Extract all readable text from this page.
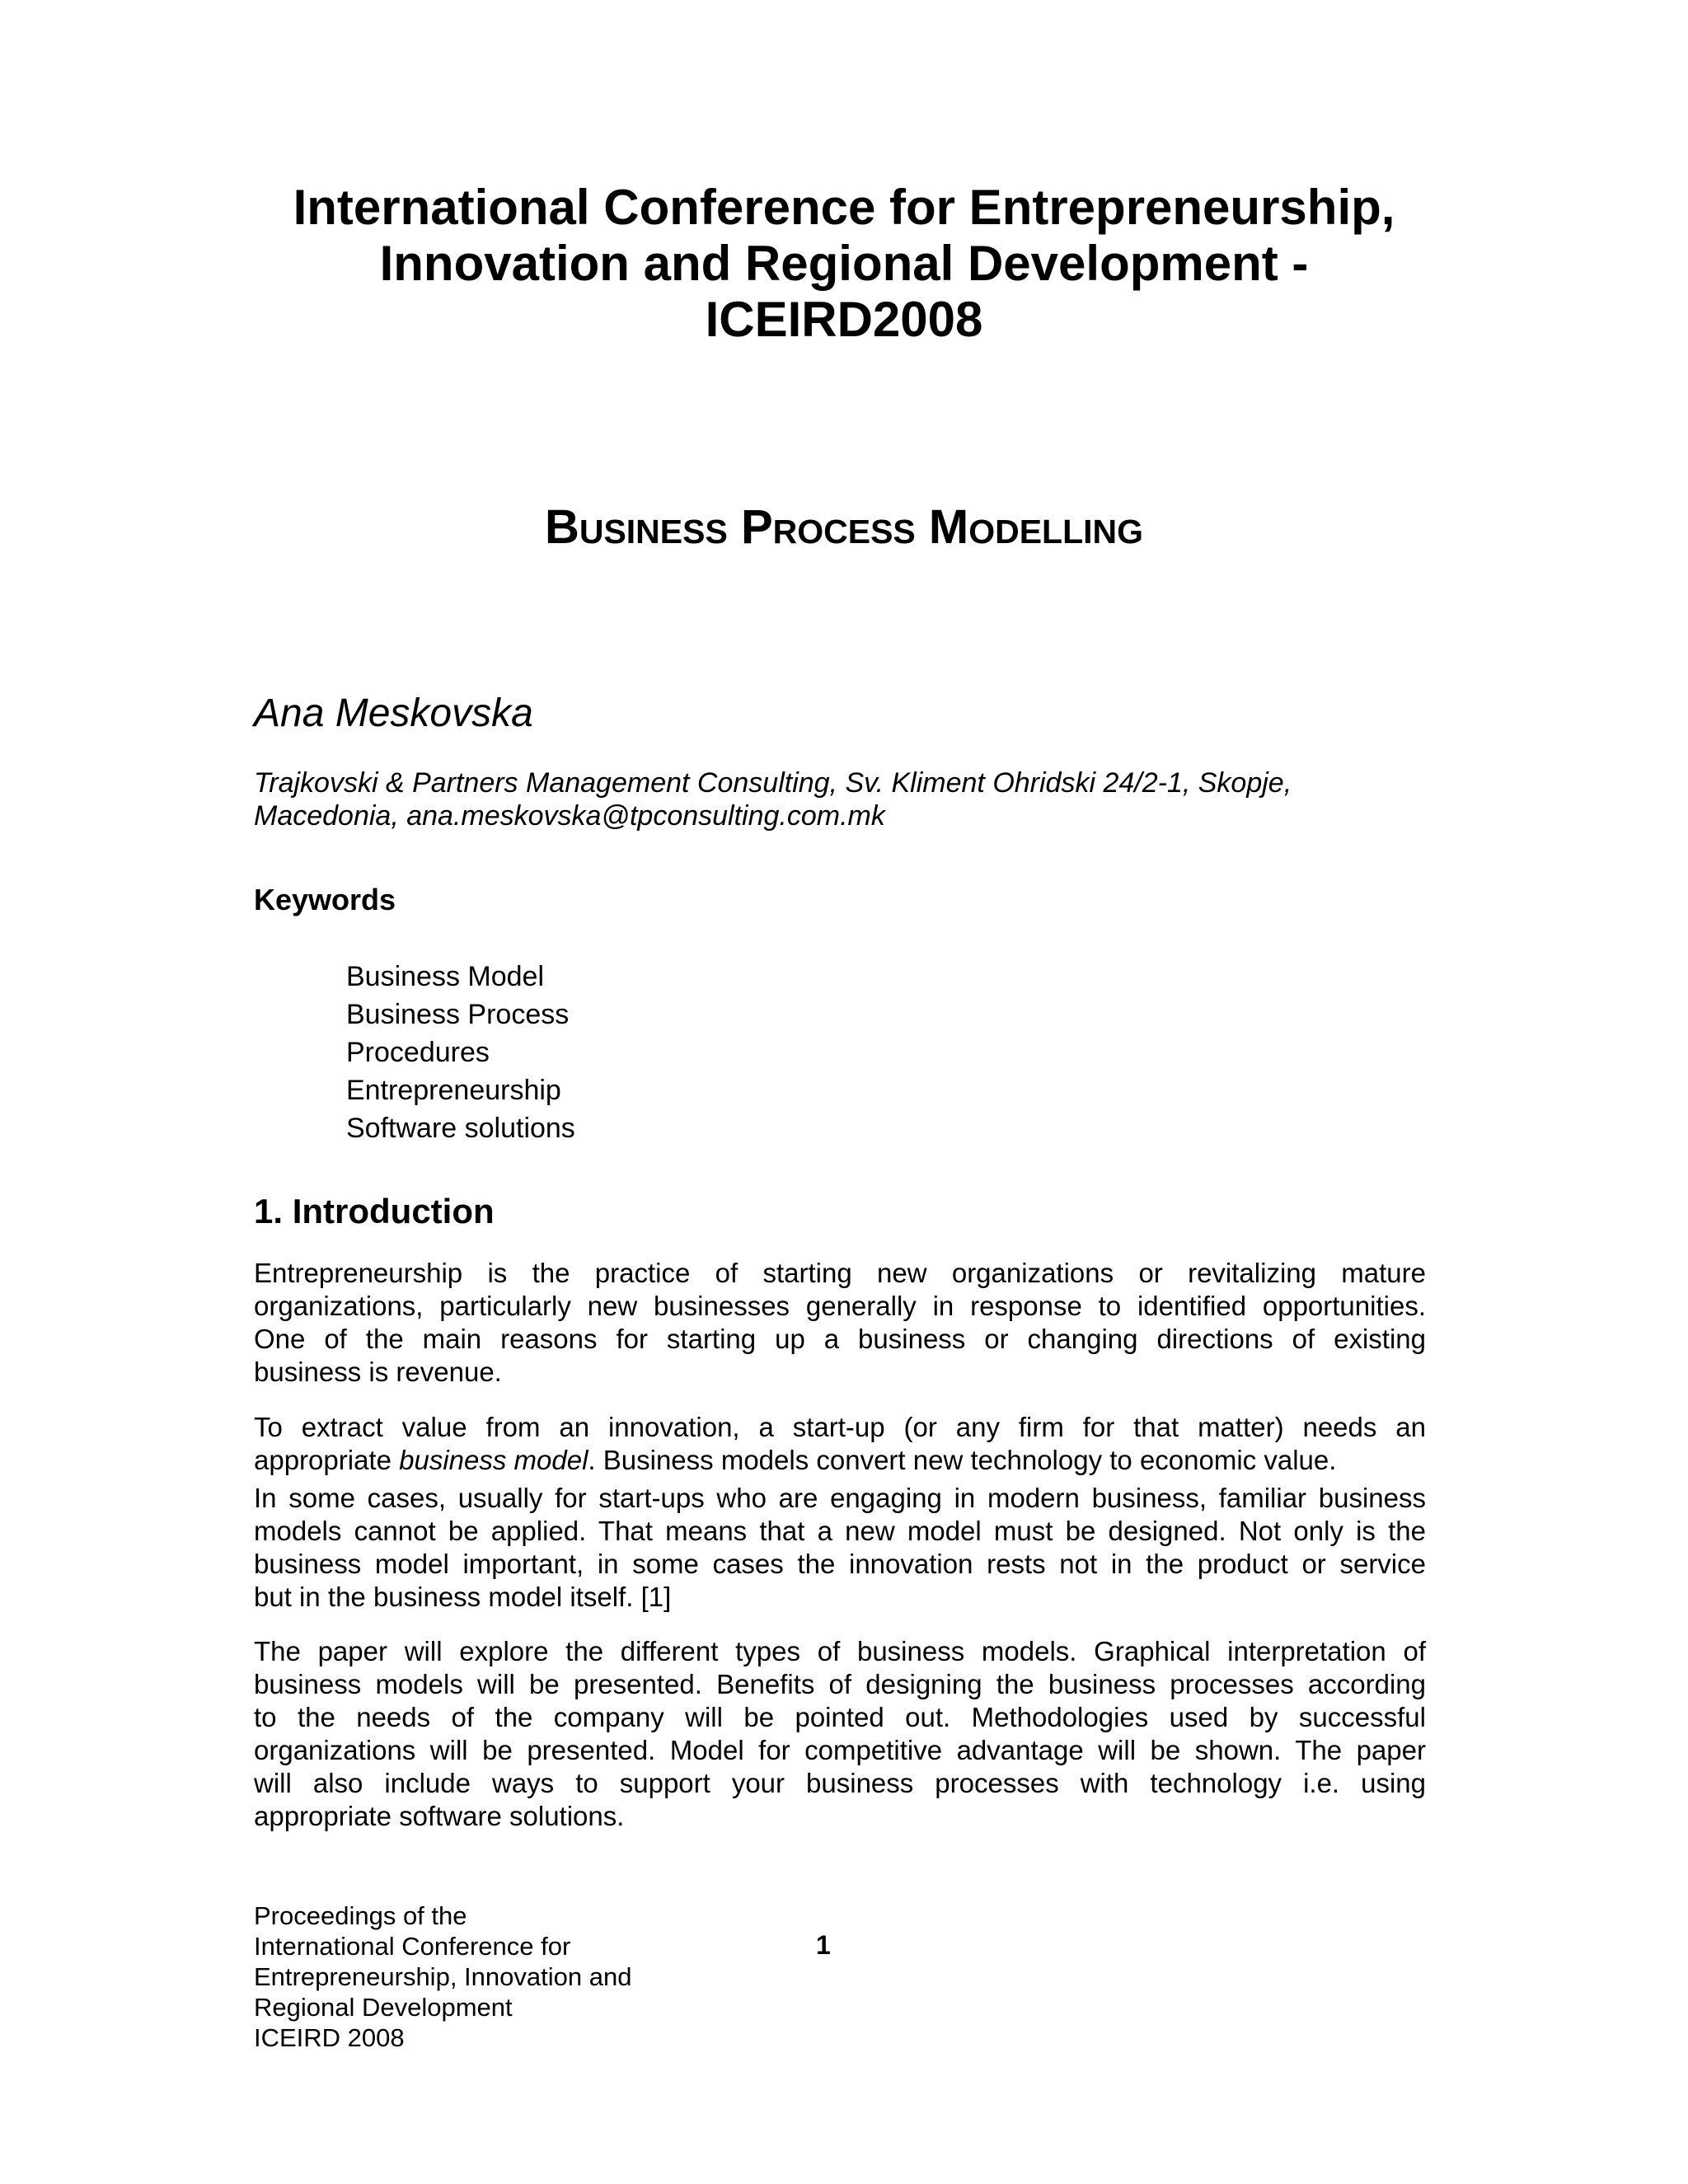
International Conference for Entrepreneurship,
Innovation and Regional Development -
ICEIRD2008
Business Process Modelling

Ana Meskovska

Trajkovski & Partners Management Consulting, Sv. Kliment Ohridski 24/2-1, Skopje,
Macedonia, ana.meskovska@tpconsulting.com.mk

Keywords
Business Model
Business Process
Procedures
Entrepreneurship
Software solutions
1. Introduction

Entrepreneurship is the practice of starting new organizations or revitalizing mature
organizations, particularly new businesses generally in response to identified opportunities.
One of the main reasons for starting up a business or changing directions of existing
business is revenue.

To extract value from an innovation, a start-up (or any firm for that matter) needs an
appropriate business model. Business models convert new technology to economic value.

In some cases, usually for start-ups who are engaging in modern business, familiar business
models cannot be applied. That means that a new model must be designed. Not only is the
business model important, in some cases the innovation rests not in the product or service
but in the business model itself. [1]

The paper will explore the different types of business models. Graphical interpretation of
business models will be presented. Benefits of designing the business processes according
to the needs of the company will be pointed out. Methodologies used by successful
organizations will be presented. Model for competitive advantage will be shown. The paper
will also include ways to support your business processes with technology i.e. using
appropriate software solutions.

Proceedings of the
International Conference for
Entrepreneurship, Innovation and
Regional Development
ICEIRD 2008

1
